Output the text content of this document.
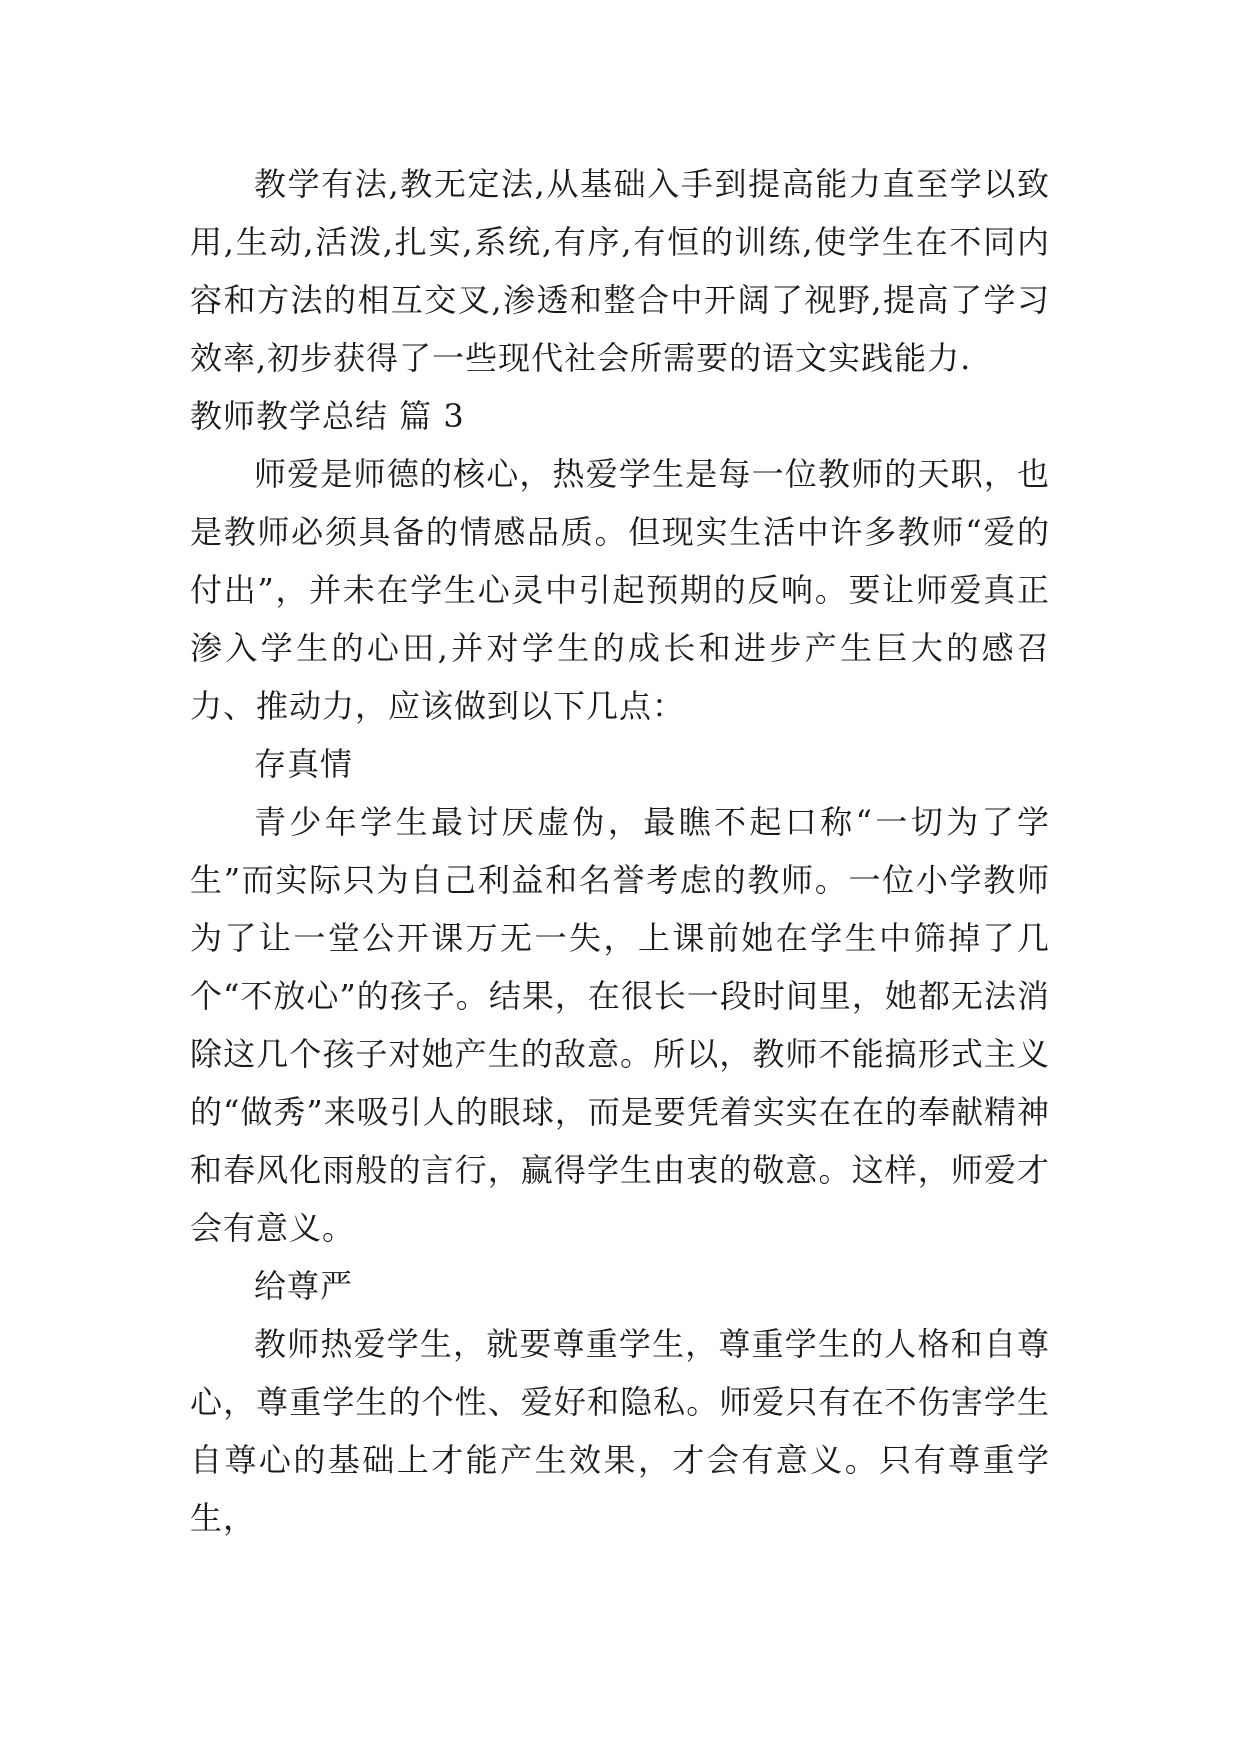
教学有法,教无定法,从基础入手到提高能力直至学以致用,生动,活泼,扎实,系统,有序,有恒的训练,使学生在不同内容和方法的相互交叉,渗透和整合中开阔了视野,提高了学习效率,初步获得了一些现代社会所需要的语文实践能力.

教师教学总结 篇 3

师爱是师德的核心，热爱学生是每一位教师的天职，也是教师必须具备的情感品质。但现实生活中许多教师“爱的付出”，并未在学生心灵中引起预期的反响。要让师爱真正渗入学生的心田,并对学生的成长和进步产生巨大的感召力、推动力，应该做到以下几点：

存真情

青少年学生最讨厌虚伪，最瞧不起口称“一切为了学生”而实际只为自己利益和名誉考虑的教师。一位小学教师为了让一堂公开课万无一失，上课前她在学生中筛掉了几个“不放心”的孩子。结果，在很长一段时间里，她都无法消除这几个孩子对她产生的敌意。所以，教师不能搞形式主义的“做秀”来吸引人的眼球，而是要凭着实实在在的奉献精神和春风化雨般的言行，赢得学生由衷的敬意。这样，师爱才会有意义。

给尊严

教师热爱学生，就要尊重学生，尊重学生的人格和自尊心，尊重学生的个性、爱好和隐私。师爱只有在不伤害学生自尊心的基础上才能产生效果，才会有意义。只有尊重学生，
